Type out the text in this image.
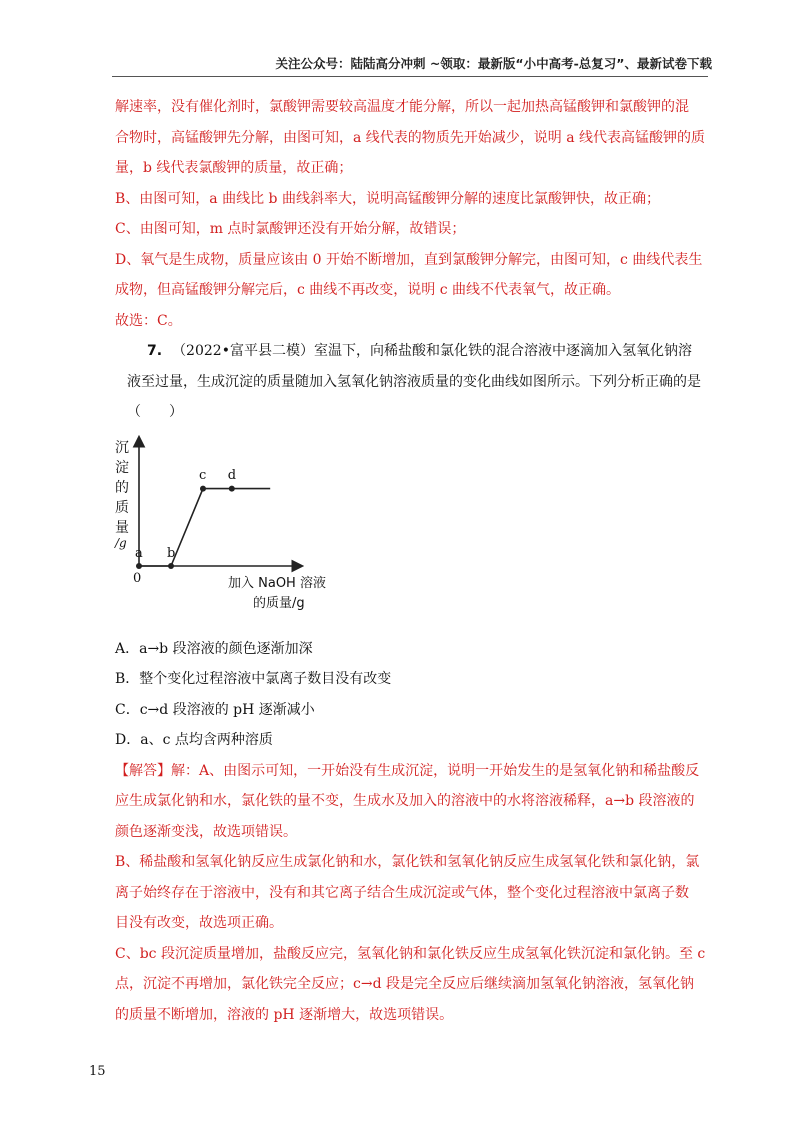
关注公众号：陆陆高分冲刺 ~领取：最新版“小中高考-总复习”、最新试卷下载

解速率，没有催化剂时，氯酸钾需要较高温度才能分解，所以一起加热高锰酸钾和氯酸钾的混

合物时，高锰酸钾先分解，由图可知，a 线代表的物质先开始减少，说明 a 线代表高锰酸钾的质

量，b 线代表氯酸钾的质量，故正确；

B、由图可知，a 曲线比 b 曲线斜率大，说明高锰酸钾分解的速度比氯酸钾快，故正确；

C、由图可知，m 点时氯酸钾还没有开始分解，故错误；

D、氧气是生成物，质量应该由 0 开始不断增加，直到氯酸钾分解完，由图可知，c 曲线代表生

成物，但高锰酸钾分解完后，c 曲线不再改变，说明 c 曲线不代表氧气，故正确。

故选：C。

7. （2022•富平县二模）室温下，向稀盐酸和氯化铁的混合溶液中逐滴加入氢氧化钠溶

液至过量，生成沉淀的质量随加入氢氧化钠溶液质量的变化曲线如图所示。下列分析正确的是

（　　）

沉淀的质量
/g
a b
c d
0	加入 NaOH 溶液
的质量/g

A．a→b 段溶液的颜色逐渐加深

B．整个变化过程溶液中氯离子数目没有改变

C．c→d 段溶液的 pH 逐渐减小

D．a、c 点均含两种溶质

【解答】解：A、由图示可知，一开始没有生成沉淀，说明一开始发生的是氢氧化钠和稀盐酸反

应生成氯化钠和水，氯化铁的量不变，生成水及加入的溶液中的水将溶液稀释，a→b 段溶液的

颜色逐渐变浅，故选项错误。

B、稀盐酸和氢氧化钠反应生成氯化钠和水，氯化铁和氢氧化钠反应生成氢氧化铁和氯化钠，氯

离子始终存在于溶液中，没有和其它离子结合生成沉淀或气体，整个变化过程溶液中氯离子数

目没有改变，故选项正确。

C、bc 段沉淀质量增加，盐酸反应完，氢氧化钠和氯化铁反应生成氢氧化铁沉淀和氯化钠。至 c

点，沉淀不再增加，氯化铁完全反应；c→d 段是完全反应后继续滴加氢氧化钠溶液，氢氧化钠

的质量不断增加，溶液的 pH 逐渐增大，故选项错误。

15
